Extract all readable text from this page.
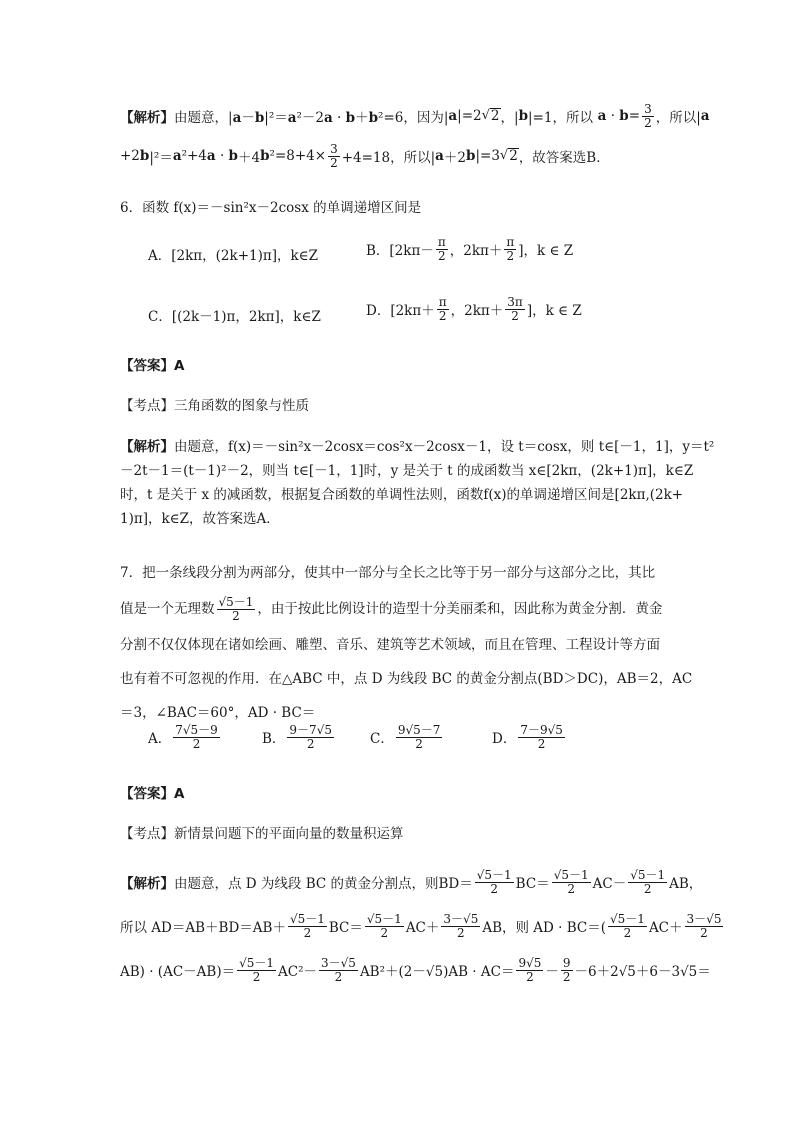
【解析】 由题意， |a－b|²＝a²－2a · b＋b² =6，因为| a |=2 √ 2 ，| b |=1，所以 $a \cdot b = \frac{3}{2}$ ，所以| a
+2 b |²＝ a ² +4 a · b ＋4 b $^2 =8+4\times \frac{3}{2} +4=18$，所以| a ＋2 b |=3 √ 2 ，故答案选B．
6．函数 f(x)＝－sin²x－2cosx 的单调递增区间是
A．[2kπ，(2k+1)π]，k∈Z	B．[$2k\pi- \frac{\pi}{2}$ ，$2k\pi+ \frac{\pi}{2}$ ]，k ∈ Z
C．[(2k－1)π，2kπ]，k∈Z	D．[$2k\pi+ \frac{\pi}{2}$ ，$2k\pi+ \frac{3\pi}{2}$ ]，k ∈ Z
【答案】A
【考点】三角函数的图象与性质
【解析】 由题意，f(x)＝－sin²x－2cosx＝cos²x－2cosx－1，设 t＝cosx，则 t∈[－1，1]，y＝t²
－2t－1＝(t－1)²－2，则当 t∈[－1，1]时，y 是关于 t 的成函数当 x∈[2kπ，(2k+1)π]，k∈Z
时，t 是关于 x 的减函数，根据复合函数的单调性法则，函数f(x)的单调递增区间是[2kπ,(2k+
1)π]，k∈Z，故答案选A．
7．把一条线段分割为两部分，使其中一部分与全长之比等于另一部分与这部分之比，其比
值是一个无理数 $\frac{√5-1}{2}$ ，由于按此比例设计的造型十分美丽柔和，因此称为黄金分割．黄金
分割不仅仅体现在诸如绘画、雕塑、音乐、建筑等艺术领域，而且在管理、工程设计等方面
也有着不可忽视的作用．在△ABC 中，点 D 为线段 BC 的黄金分割点(BD＞DC)，AB＝2，AC
＝3，∠BAC＝60°，AD · BC＝
A． $\frac{7√5-9}{2}$	B． $\frac{9-7√5}{2}$	C． $\frac{9√5-7}{2}$	D． $\frac{7-9√5}{2}$
【答案】A
【考点】新情景问题下的平面向量的数量积运算
【解析】 由题意，点 D 为线段 BC 的黄金分割点，则 $BD= \frac{√5-1}{2} BC= \frac{√5-1}{2} AC- \frac{√5-1}{2}$ AB，
所以 $AD=AB+BD=AB+ \frac{√5-1}{2} BC= \frac{√5-1}{2} AC+ \frac{3-√5}{2}$ AB，则 AD · $BC=( \frac{√5-1}{2} AC+ \frac{3-√5}{2}$
$AB) \cdot (AC-AB)= \frac{√5-1}{2} AC^2- \frac{3-√5}{2} AB^2+(2-√5)AB \cdot AC= \frac{9√5}{2} - \frac{9}{2} -6+2√5+6-3√5=$
